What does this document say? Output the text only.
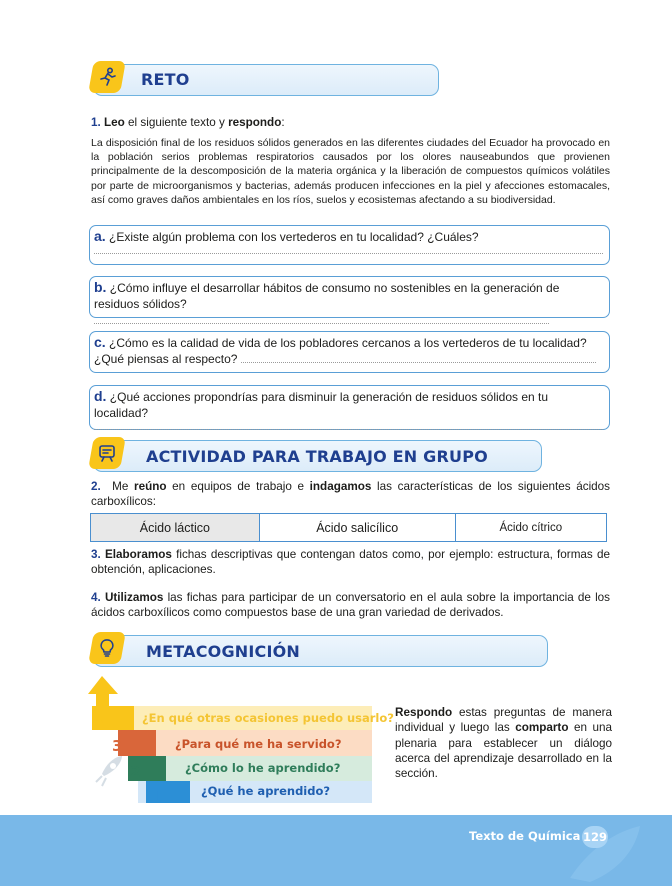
RETO
1. Leo el siguiente texto y respondo:

La disposición final de los residuos sólidos generados en las diferentes ciudades del Ecuador ha provocado en la población serios problemas respiratorios causados por los olores nauseabundos que provienen principalmente de la descomposición de la materia orgánica y la liberación de compuestos químicos volátiles por parte de microorganismos y bacterias, además producen infecciones en la piel y afecciones estomacales, así como graves daños ambientales en los ríos, suelos y ecosistemas afectando a su biodiversidad.

a. ¿Existe algún problema con los vertederos en tu localidad? ¿Cuáles?
b. ¿Cómo influye el desarrollar hábitos de consumo no sostenibles en la generación de residuos sólidos?
c. ¿Cómo es la calidad de vida de los pobladores cercanos a los vertederos de tu localidad? ¿Qué piensas al respecto?
d. ¿Qué acciones propondrías para disminuir la generación de residuos sólidos en tu localidad?
ACTIVIDAD PARA TRABAJO EN GRUPO
2. Me reúno en equipos de trabajo e indagamos las características de los siguientes ácidos carboxílicos:
Ácido láctico	Ácido salicílico	Ácido cítrico
3. Elaboramos fichas descriptivas que contengan datos como, por ejemplo: estructura, formas de obtención, aplicaciones.
4. Utilizamos las fichas para participar de un conversatorio en el aula sobre la importancia de los ácidos carboxílicos como compuestos base de una gran variedad de derivados.
METACOGNICIÓN
4	¿En qué otras ocasiones puedo usarlo?
3	¿Para qué me ha servido?
2	¿Cómo lo he aprendido?
1	¿Qué he aprendido?
Respondo estas preguntas de manera individual y luego las comparto en una plenaria para establecer un diálogo acerca del aprendizaje desarrollado en la sección.
Texto de Química 129
